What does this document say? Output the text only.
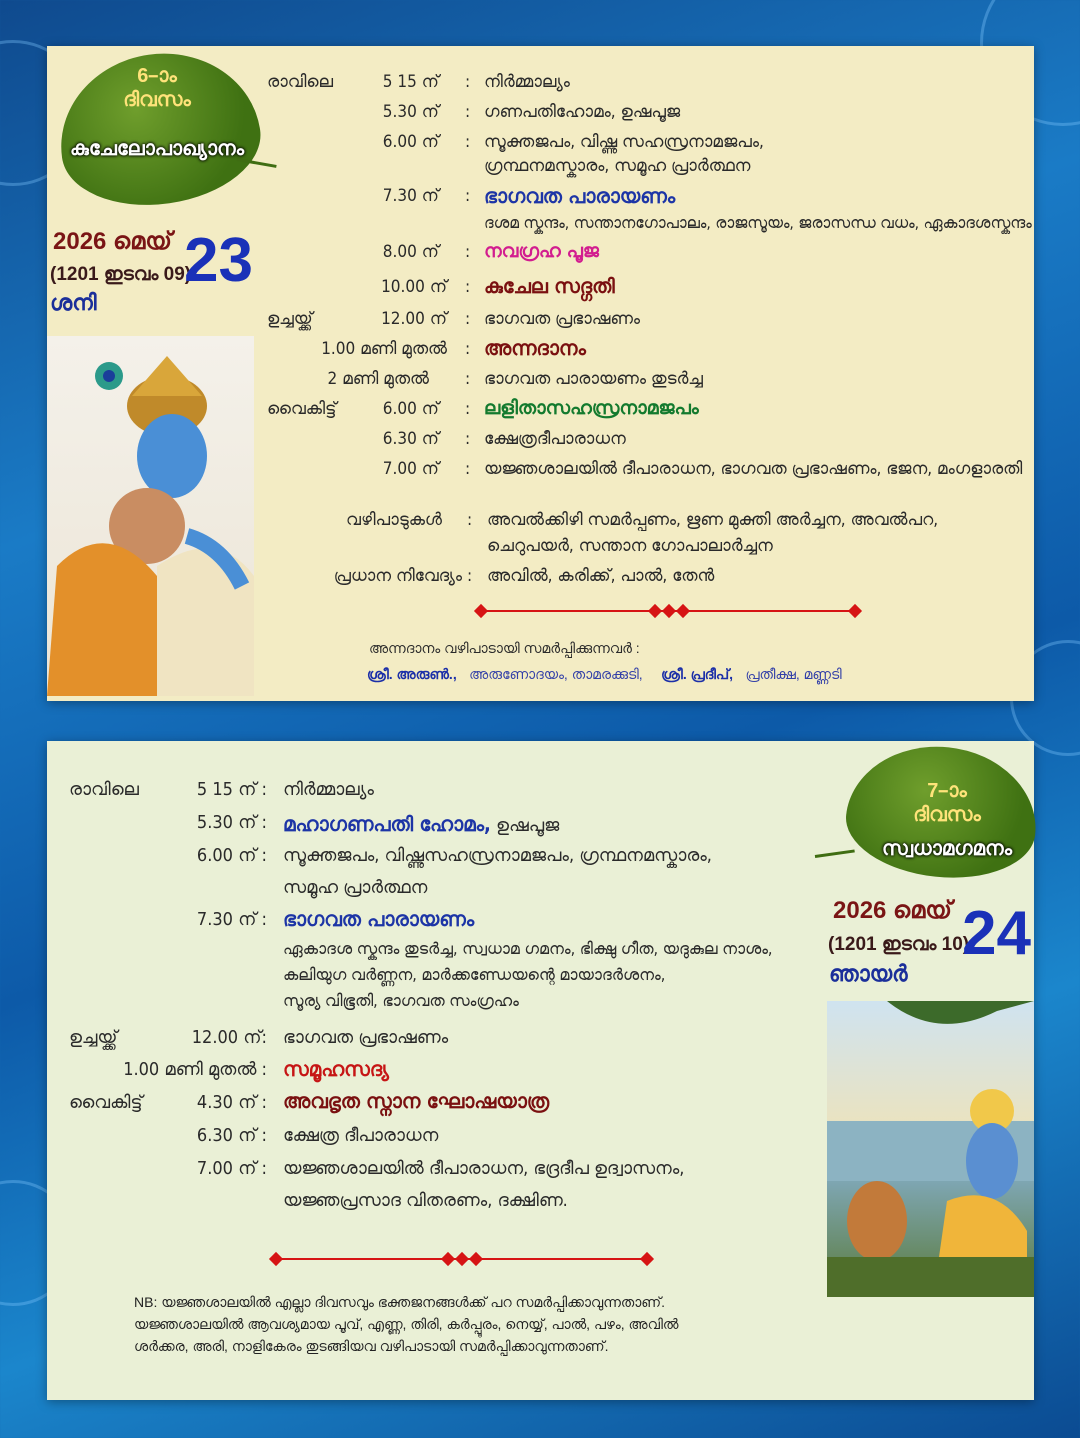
6–ാം
ദിവസം
കുചേലോപാഖ്യാനം
2026 മെയ്
(1201 ഇടവം 09)
ശനി
23
രാവിലെ	5 15 ന് : നിർമ്മാല്യം
5.30 ന് : ഗണപതിഹോമം, ഉഷപൂജ
6.00 ന് : സൂക്തജപം, വിഷ്ണു സഹസ്രനാമജപം,
ഗ്രന്ഥനമസ്കാരം, സമൂഹ പ്രാർത്ഥന
7.30 ന് : ഭാഗവത പാരായണം
ദശമ സ്കന്ദം, സന്താനഗോപാലം, രാജസൂയം, ജരാസന്ധ വധം, ഏകാദശസ്കന്ദം
8.00 ന് : നവഗ്രഹ പൂജ
10.00 ന് : കുചേല സദ്ഗതി
ഉച്ചയ്ക്ക്	12.00 ന് : ഭാഗവത പ്രഭാഷണം
1.00 മണി മുതൽ : അന്നദാനം
2 മണി മുതൽ : ഭാഗവത പാരായണം തുടർച്ച
വൈകിട്ട്	6.00 ന് : ലളിതാസഹസ്രനാമജപം
6.30 ന് : ക്ഷേത്രദീപാരാധന
7.00 ന് : യജ്ഞശാലയിൽ ദീപാരാധന, ഭാഗവത പ്രഭാഷണം, ഭജന, മംഗളാരതി
വഴിപാടുകൾ : അവൽക്കിഴി സമർപ്പണം, ഋണ മുക്തി അർച്ചന, അവൽപറ,
ചെറുപയർ, സന്താന ഗോപാലാർച്ചന
പ്രധാന നിവേദ്യം : അവിൽ, കരിക്ക്, പാൽ, തേൻ
അന്നദാനം വഴിപാടായി സമർപ്പിക്കുന്നവർ :
ശ്രീ. അരുൺ., അരുണോദയം, താമരക്കുടി, ശ്രീ. പ്രദീപ്, പ്രതീക്ഷ, മണ്ണടി
7–ാം
ദിവസം
സ്വധാമഗമനം
2026 മെയ്
(1201 ഇടവം 10)
ഞായർ
24
രാവിലെ	5 15 ന് : നിർമ്മാല്യം
5.30 ന് : മഹാഗണപതി ഹോമം, ഉഷപൂജ
6.00 ന് : സൂക്തജപം, വിഷ്ണുസഹസ്രനാമജപം, ഗ്രന്ഥനമസ്കാരം,
സമൂഹ പ്രാർത്ഥന
7.30 ന് : ഭാഗവത പാരായണം
ഏകാദശ സ്കന്ദം തുടർച്ച, സ്വധാമ ഗമനം, ഭിക്ഷു ഗീത, യദുകുല നാശം,
കലിയുഗ വർണ്ണന, മാർക്കണ്ഡേയന്റെ മായാദർശനം,
സൂര്യ വിഭൂതി, ഭാഗവത സംഗ്രഹം
ഉച്ചയ്ക്ക്	12.00 ന്: ഭാഗവത പ്രഭാഷണം
1.00 മണി മുതൽ : സമൂഹസദ്യ
വൈകിട്ട്	4.30 ന് : അവഭൃത സ്നാന ഘോഷയാത്ര
6.30 ന് : ക്ഷേത്ര ദീപാരാധന
7.00 ന് : യജ്ഞശാലയിൽ ദീപാരാധന, ഭദ്രദീപ ഉദ്വാസനം,
യജ്ഞപ്രസാദ വിതരണം, ദക്ഷിണ.
NB: യജ്ഞശാലയിൽ എല്ലാ ദിവസവും ഭക്തജനങ്ങൾക്ക് പറ സമർപ്പിക്കാവുന്നതാണ്.
യജ്ഞശാലയിൽ ആവശ്യമായ പൂവ്, എണ്ണ, തിരി, കർപ്പൂരം, നെയ്യ്, പാൽ, പഴം, അവിൽ
ശർക്കര, അരി, നാളികേരം തുടങ്ങിയവ വഴിപാടായി സമർപ്പിക്കാവുന്നതാണ്.
